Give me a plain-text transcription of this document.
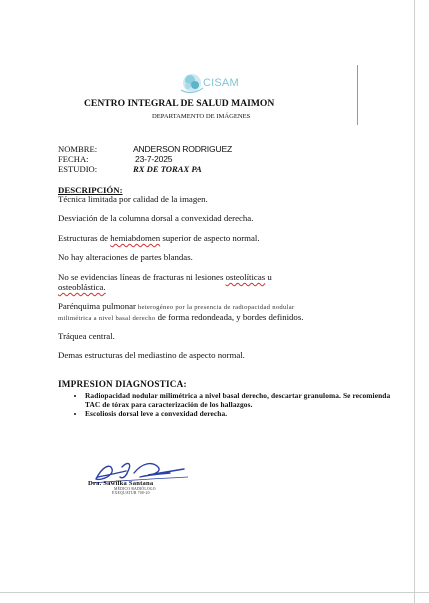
CISAM
CENTRO INTEGRAL DE SALUD MAIMON
DEPARTAMENTO DE IMÁGENES
NOMBRE:	ANDERSON RODRIGUEZ
FECHA:	23-7-2025
ESTUDIO:	RX DE TORAX PA
DESCRIPCIÓN:
Técnica limitada por calidad de la imagen.
Desviación de la columna dorsal a convexidad derecha.
Estructuras de hemiabdomen superior de aspecto normal.
No hay alteraciones de partes blandas.
No se evidencias líneas de fracturas ni lesiones osteolíticas u
osteoblástica.
Parénquima pulmonar heterogéneo por la presencia de radiopacidad nodular
milimétrica a nivel basal derecho de forma redondeada, y bordes definidos.
Tráquea central.
Demas estructuras del mediastino de aspecto normal.
IMPRESION DIAGNOSTICA:
• Radiopacidad nodular milimétrica a nivel basal derecho, descartar granuloma. Se recomienda TAC de tórax para caracterización de los hallazgos.
• Escoliosis dorsal leve a convexidad derecha.
Dra. Sawilka Santana
MÉDICO RADIÓLOGO
EXEQUATUR 700-20
